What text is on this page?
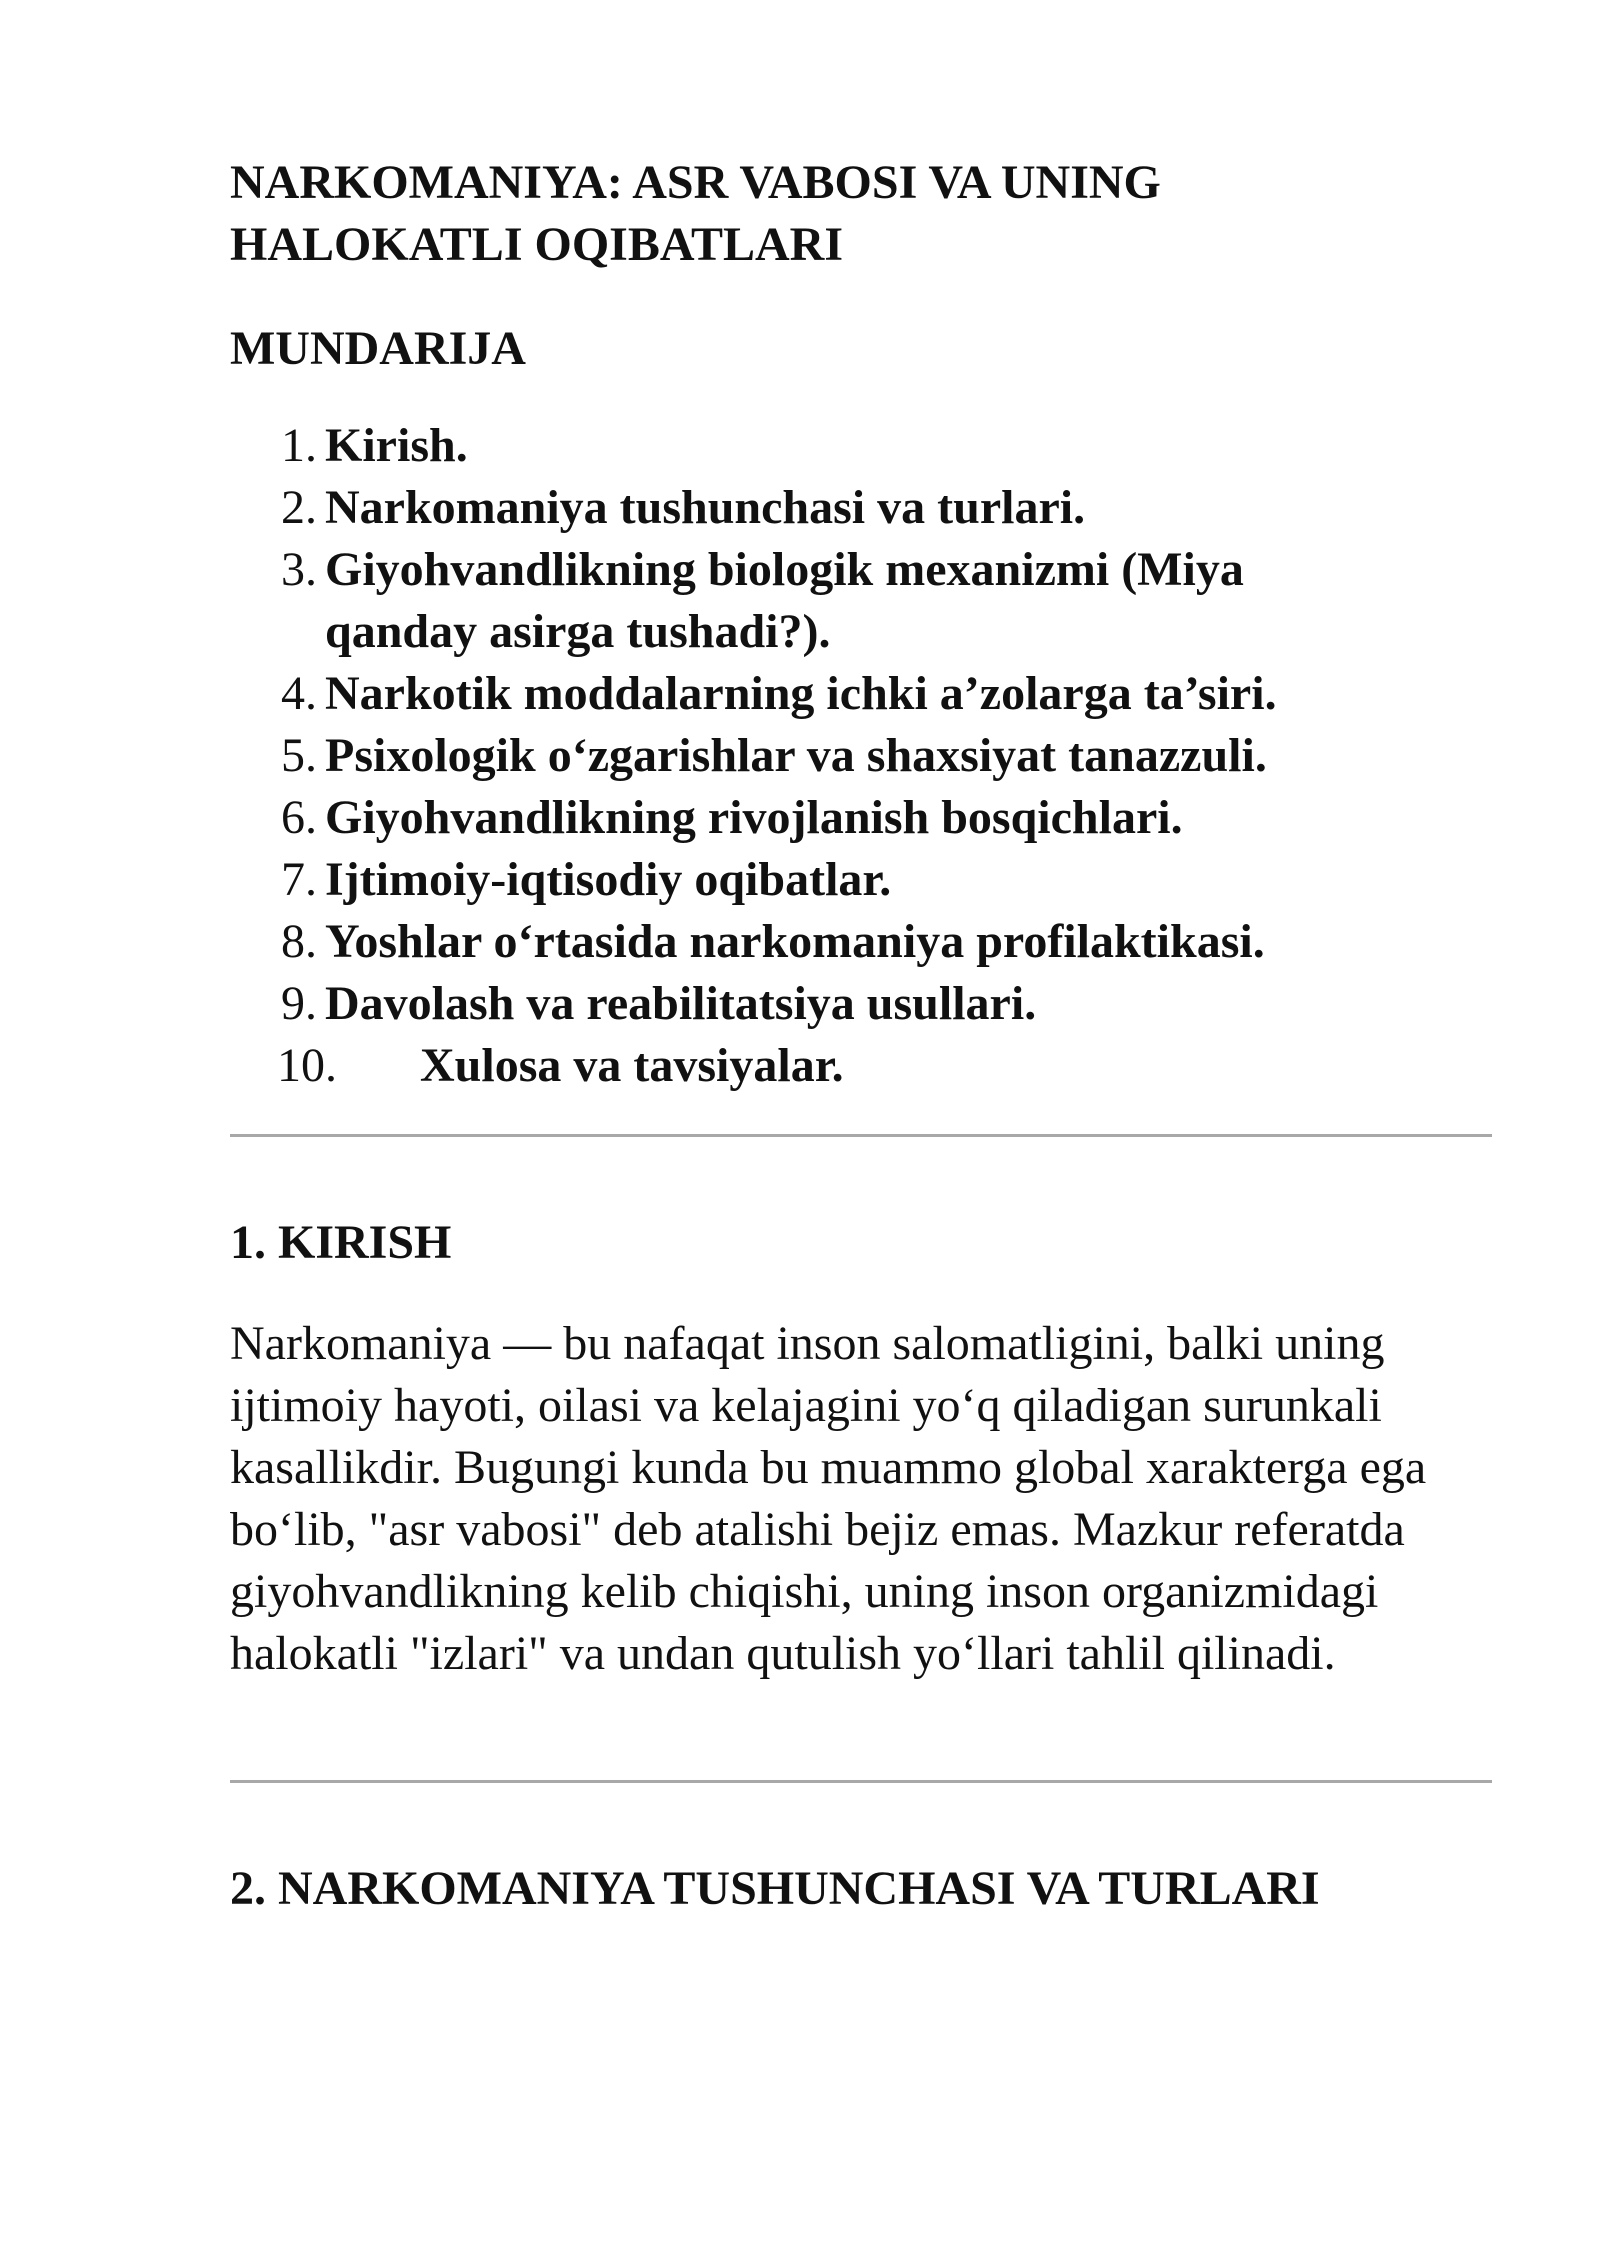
NARKOMANIYA: ASR VABOSI VA UNING HALOKATLI OQIBATLARI
MUNDARIJA
1. Kirish.
2. Narkomaniya tushunchasi va turlari.
3. Giyohvandlikning biologik mexanizmi (Miya qanday asirga tushadi?).
4. Narkotik moddalarning ichki a’zolarga ta’siri.
5. Psixologik o‘zgarishlar va shaxsiyat tanazzuli.
6. Giyohvandlikning rivojlanish bosqichlari.
7. Ijtimoiy-iqtisodiy oqibatlar.
8. Yoshlar o‘rtasida narkomaniya profilaktikasi.
9. Davolash va reabilitatsiya usullari.
10.	Xulosa va tavsiyalar.
1. KIRISH

Narkomaniya — bu nafaqat inson salomatligini, balki uning ijtimoiy hayoti, oilasi va kelajagini yo‘q qiladigan surunkali kasallikdir. Bugungi kunda bu muammo global xarakterga ega bo‘lib, "asr vabosi" deb atalishi bejiz emas. Mazkur referatda giyohvandlikning kelib chiqishi, uning inson organizmidagi halokatli "izlari" va undan qutulish yo‘llari tahlil qilinadi.

2. NARKOMANIYA TUSHUNCHASI VA TURLARI
